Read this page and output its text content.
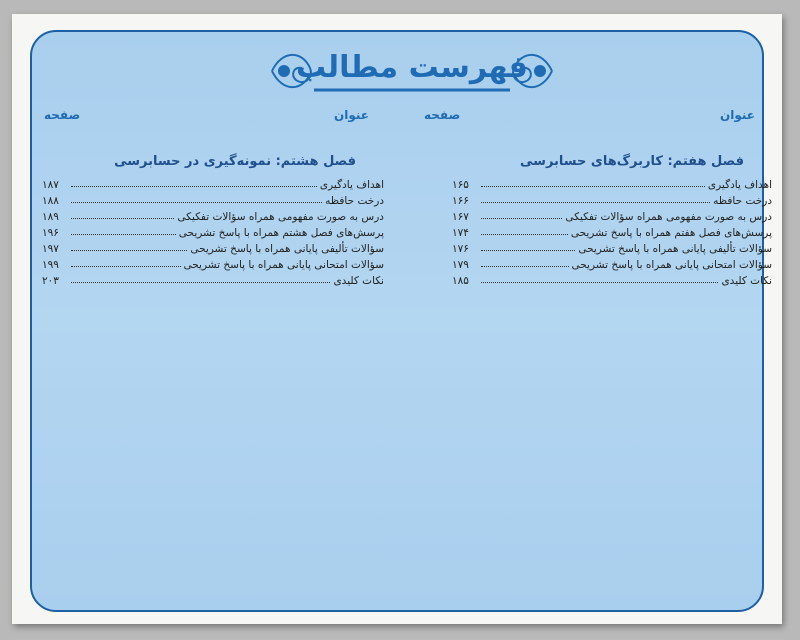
فهرست مطالب
عنوان
صفحه
عنوان
صفحه
فصل هفتم: کاربرگ‌های حسابرسی
اهداف یادگیری
۱۶۵
درخت حافظه
۱۶۶
درس به صورت مفهومی همراه سؤالات تفکیکی
۱۶۷
پرسش‌های فصل هفتم همراه با پاسخ تشریحی
۱۷۴
سؤالات تألیفی پایانی همراه با پاسخ تشریحی
۱۷۶
سؤالات امتحانی پایانی همراه با پاسخ تشریحی
۱۷۹
نکات کلیدی
۱۸۵
فصل هشتم: نمونه‌گیری در حسابرسی
اهداف یادگیری
۱۸۷
درخت حافظه
۱۸۸
درس به صورت مفهومی همراه سؤالات تفکیکی
۱۸۹
پرسش‌های فصل هشتم همراه با پاسخ تشریحی
۱۹۶
سؤالات تألیفی پایانی همراه با پاسخ تشریحی
۱۹۷
سؤالات امتحانی پایانی همراه با پاسخ تشریحی
۱۹۹
نکات کلیدی
۲۰۳
